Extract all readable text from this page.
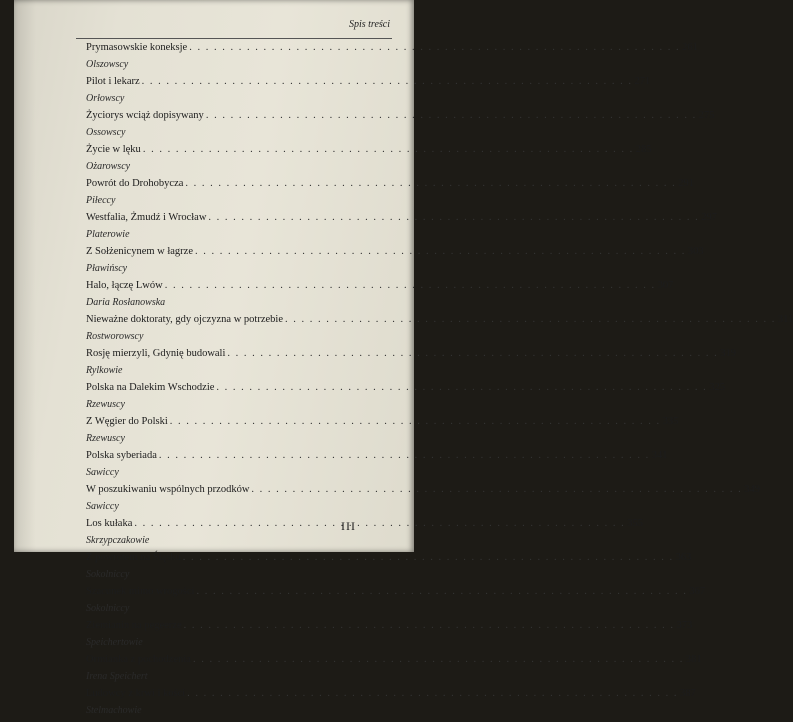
Spis treści
Prymasowskie koneksje . . .	261
Olszowscy
Pilot i lekarz . . .	271
Orłowscy
Życiorys wciąż dopisywany . . .	275
Ossowscy
Życie w lęku . . .	285
Ożarowscy
Powrót do Drohobycza . . .	291
Piłeccy
Westfalia, Żmudź i Wrocław . . .	297
Platerowie
Z Sołżenicynem w łagrze . . .	303
Pławińscy
Halo, łączę Lwów . . .	307
Daria Rosłanowska
Nieważne doktoraty, gdy ojczyzna w potrzebie . . .	311
Rostworowscy
Rosję mierzyli, Gdynię budowali . . .	319
Rylkowie
Polska na Dalekim Wschodzie . . .	325
Rzewuscy
Z Węgier do Polski . . .	335
Rzewuscy
Polska syberiada . . .	341
Sawiccy
W poszukiwaniu wspólnych przodków . . .	349
Sawiccy
Los kułaka . . .	355
Skrzypczakowie
Z powrotem na Śląsku . . .	363
Sokolniccy
Szacunek mimo wrogości . . .	367
Sokolniccy
Ziemianin na pegeerze . . .	373
Speichertowie
Ormianka z pochodzenia . . .	381
Irena Speichert
Ludowcy z krwi i kości . . .	387
Stelmachowie
III
